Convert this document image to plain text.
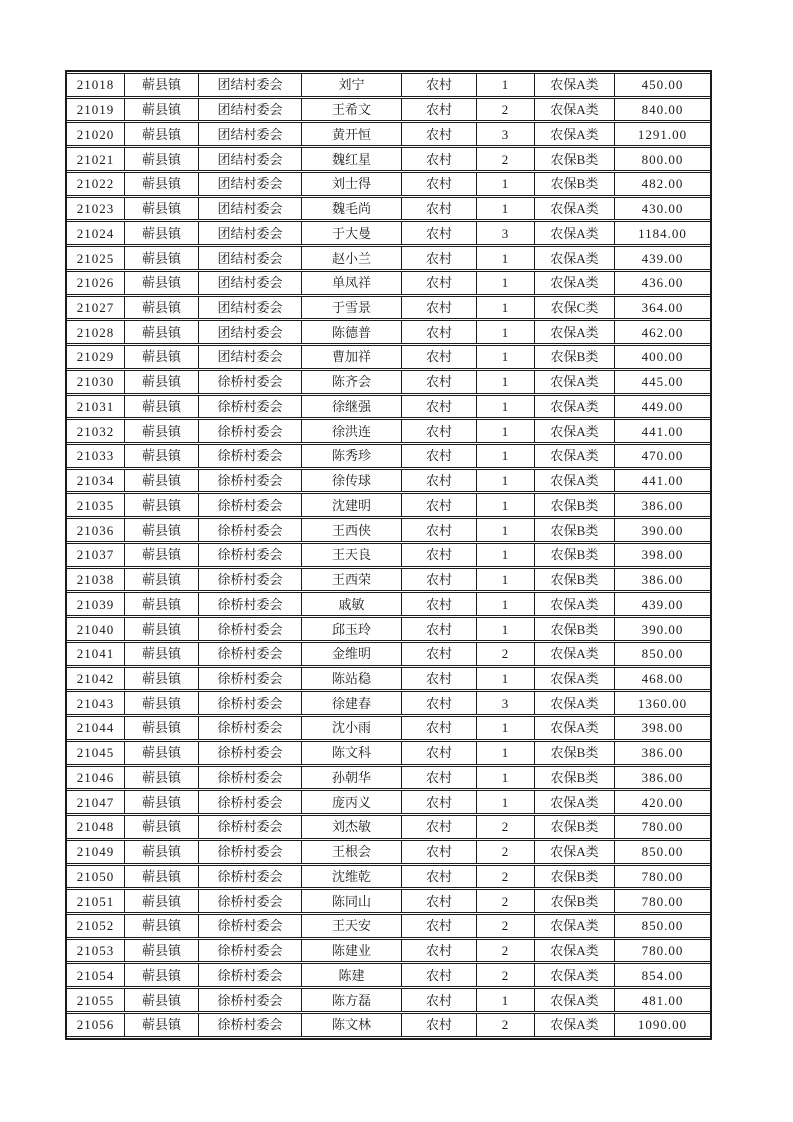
21018	蕲县镇	团结村委会	刘宁	农村	1	农保A类	450.00
21019	蕲县镇	团结村委会	王希文	农村	2	农保A类	840.00
21020	蕲县镇	团结村委会	黄开恒	农村	3	农保A类	1291.00
21021	蕲县镇	团结村委会	魏红星	农村	2	农保B类	800.00
21022	蕲县镇	团结村委会	刘士得	农村	1	农保B类	482.00
21023	蕲县镇	团结村委会	魏毛尚	农村	1	农保A类	430.00
21024	蕲县镇	团结村委会	于大曼	农村	3	农保A类	1184.00
21025	蕲县镇	团结村委会	赵小兰	农村	1	农保A类	439.00
21026	蕲县镇	团结村委会	单凤祥	农村	1	农保A类	436.00
21027	蕲县镇	团结村委会	于雪景	农村	1	农保C类	364.00
21028	蕲县镇	团结村委会	陈德普	农村	1	农保A类	462.00
21029	蕲县镇	团结村委会	曹加祥	农村	1	农保B类	400.00
21030	蕲县镇	徐桥村委会	陈齐会	农村	1	农保A类	445.00
21031	蕲县镇	徐桥村委会	徐继强	农村	1	农保A类	449.00
21032	蕲县镇	徐桥村委会	徐洪连	农村	1	农保A类	441.00
21033	蕲县镇	徐桥村委会	陈秀珍	农村	1	农保A类	470.00
21034	蕲县镇	徐桥村委会	徐传球	农村	1	农保A类	441.00
21035	蕲县镇	徐桥村委会	沈建明	农村	1	农保B类	386.00
21036	蕲县镇	徐桥村委会	王西侠	农村	1	农保B类	390.00
21037	蕲县镇	徐桥村委会	王天良	农村	1	农保B类	398.00
21038	蕲县镇	徐桥村委会	王西荣	农村	1	农保B类	386.00
21039	蕲县镇	徐桥村委会	戚敏	农村	1	农保A类	439.00
21040	蕲县镇	徐桥村委会	邱玉玲	农村	1	农保B类	390.00
21041	蕲县镇	徐桥村委会	金维明	农村	2	农保A类	850.00
21042	蕲县镇	徐桥村委会	陈站稳	农村	1	农保A类	468.00
21043	蕲县镇	徐桥村委会	徐建春	农村	3	农保A类	1360.00
21044	蕲县镇	徐桥村委会	沈小雨	农村	1	农保A类	398.00
21045	蕲县镇	徐桥村委会	陈文科	农村	1	农保B类	386.00
21046	蕲县镇	徐桥村委会	孙朝华	农村	1	农保B类	386.00
21047	蕲县镇	徐桥村委会	庞丙义	农村	1	农保A类	420.00
21048	蕲县镇	徐桥村委会	刘杰敏	农村	2	农保B类	780.00
21049	蕲县镇	徐桥村委会	王根会	农村	2	农保A类	850.00
21050	蕲县镇	徐桥村委会	沈维乾	农村	2	农保B类	780.00
21051	蕲县镇	徐桥村委会	陈同山	农村	2	农保B类	780.00
21052	蕲县镇	徐桥村委会	王天安	农村	2	农保A类	850.00
21053	蕲县镇	徐桥村委会	陈建业	农村	2	农保A类	780.00
21054	蕲县镇	徐桥村委会	陈建	农村	2	农保A类	854.00
21055	蕲县镇	徐桥村委会	陈方磊	农村	1	农保A类	481.00
21056	蕲县镇	徐桥村委会	陈文林	农村	2	农保A类	1090.00
